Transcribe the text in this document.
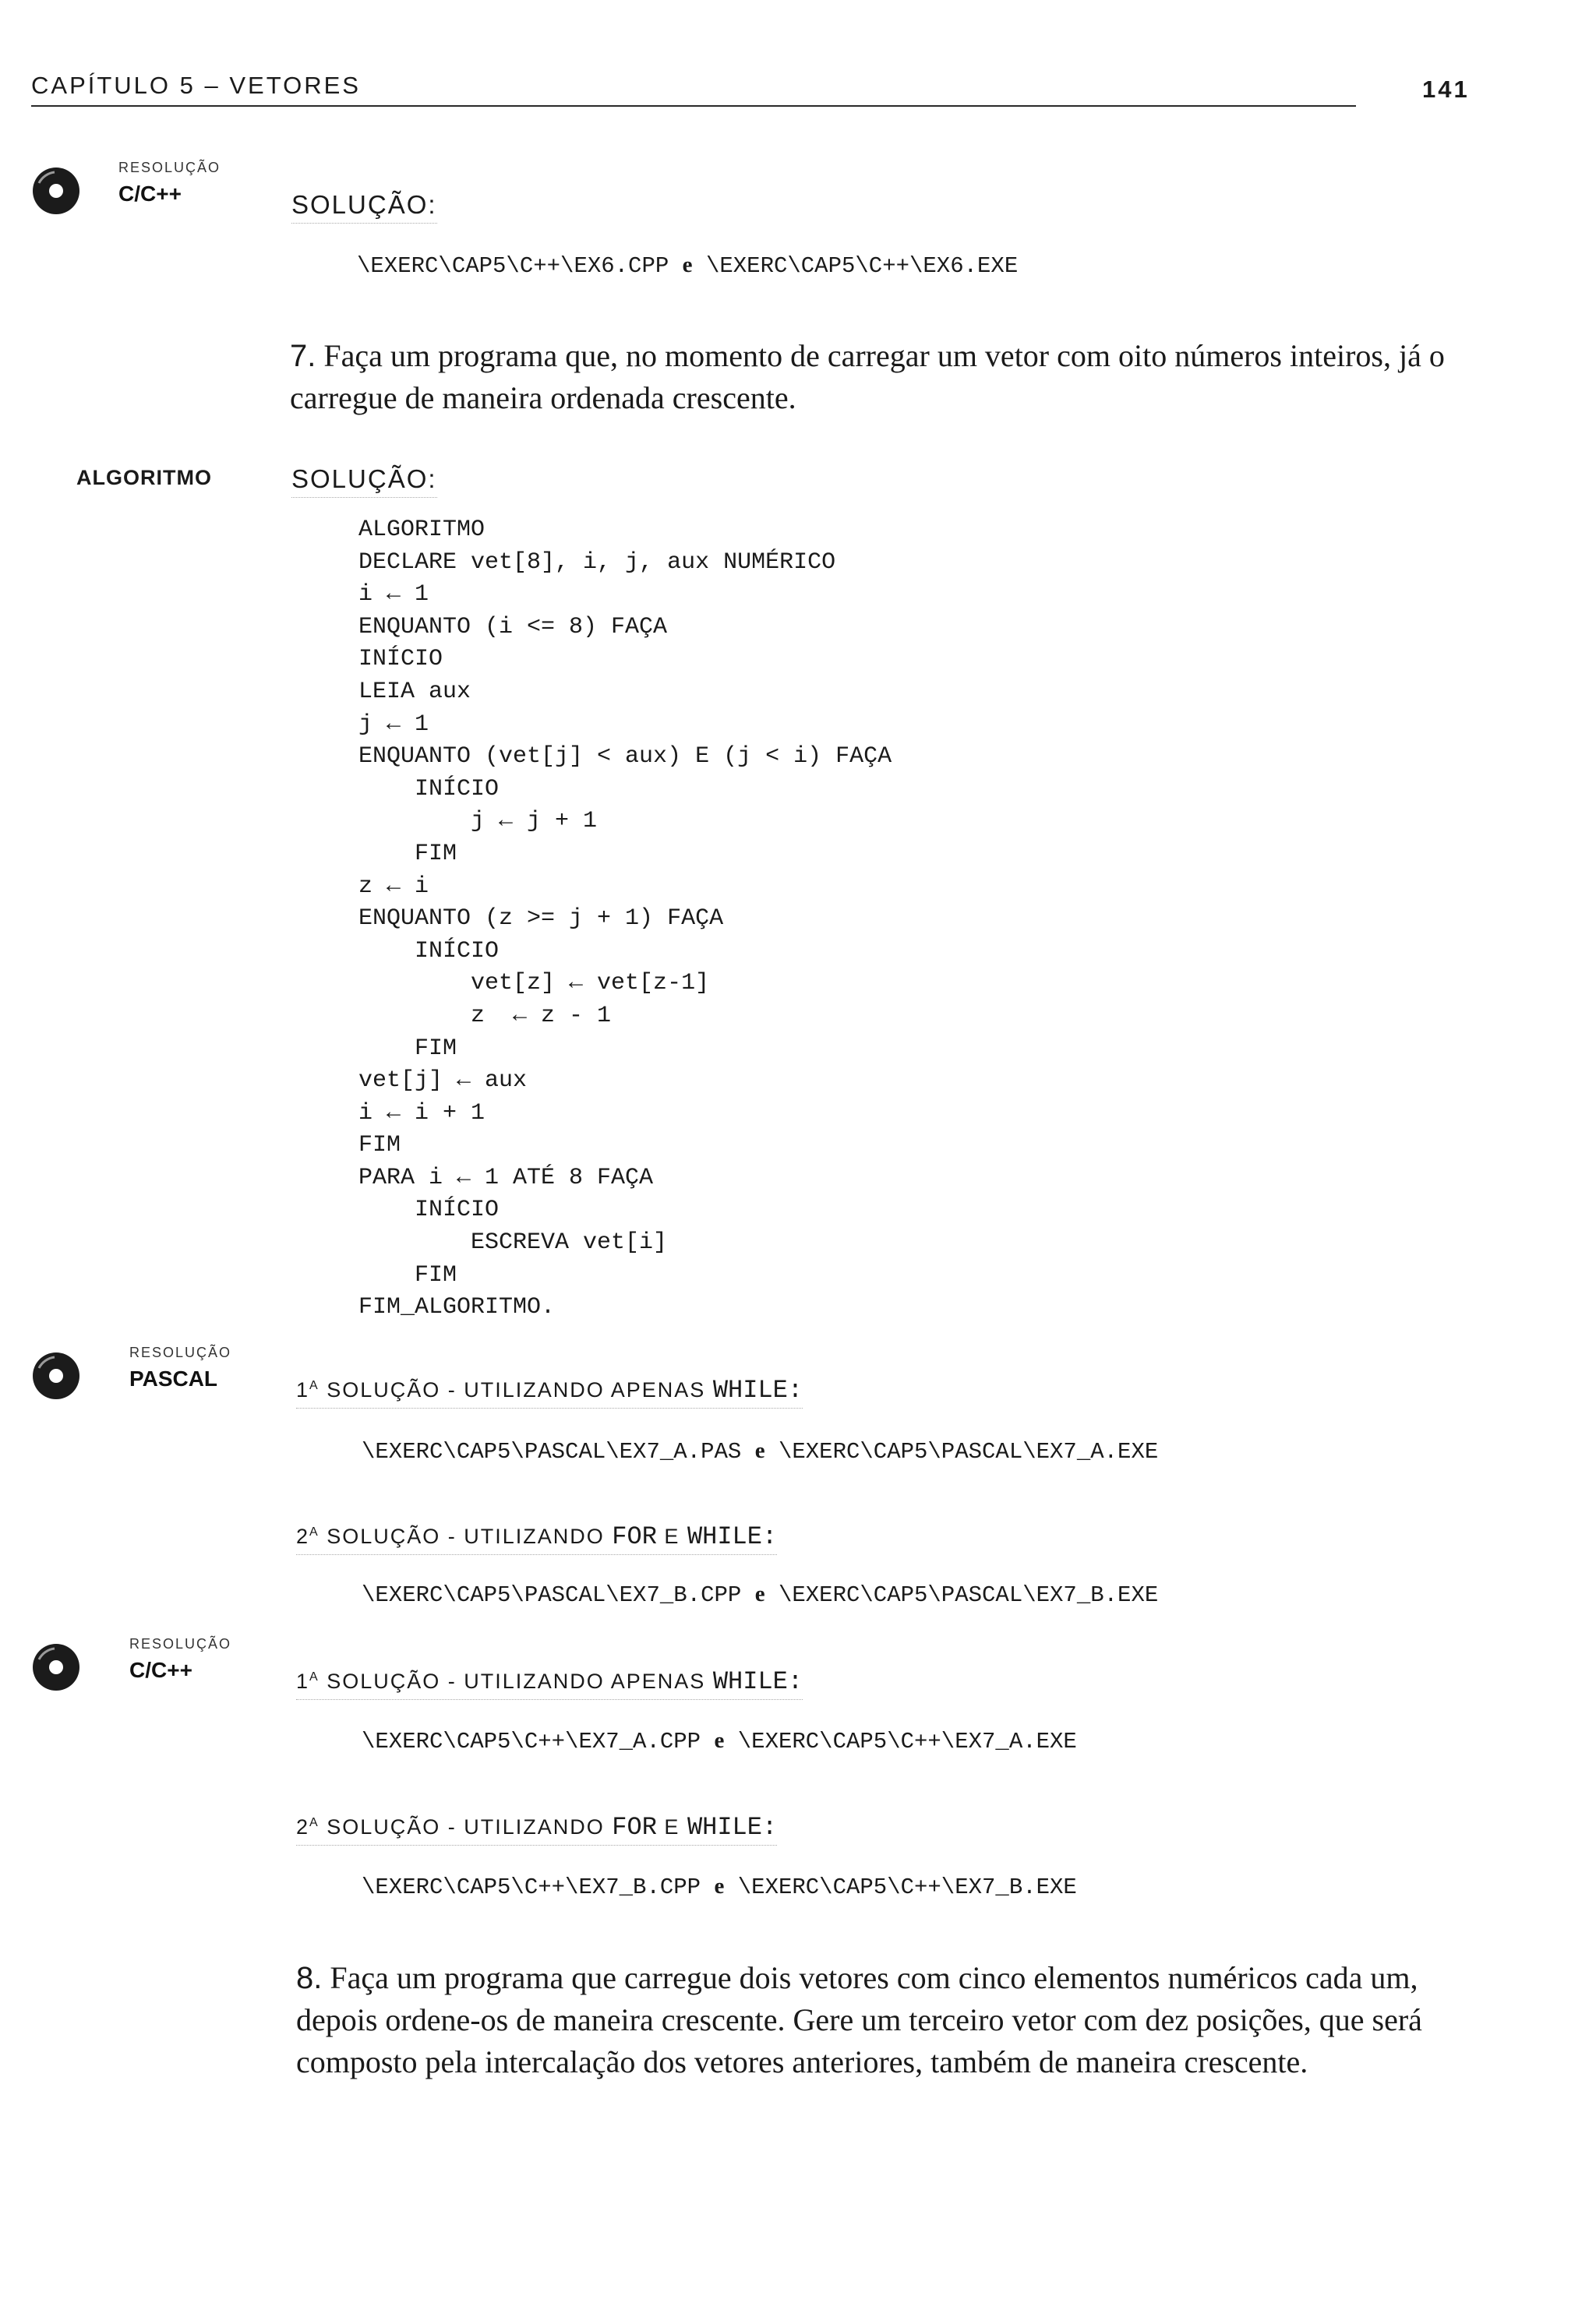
CAPÍTULO 5 – VETORES	141
RESOLUÇÃO
C/C++	SOLUÇÃO:
\EXERC\CAP5\C++\EX6.CPP e \EXERC\CAP5\C++\EX6.EXE
7. Faça um programa que, no momento de carregar um vetor com oito números inteiros, já o carregue de maneira ordenada crescente.
ALGORITMO	SOLUÇÃO:
ALGORITMO
DECLARE vet[8], i, j, aux NUMÉRICO
i ← 1
ENQUANTO (i <= 8) FAÇA
INÍCIO
LEIA aux
j ← 1
ENQUANTO (vet[j] < aux) E (j < i) FAÇA
INÍCIO
j ← j + 1
FIM
z ← i
ENQUANTO (z >= j + 1) FAÇA
INÍCIO
vet[z] ← vet[z-1]
z  ← z - 1
FIM
vet[j] ← aux
i ← i + 1
FIM
PARA i ← 1 ATÉ 8 FAÇA
INÍCIO
ESCREVA vet[i]
FIM
FIM_ALGORITMO.
RESOLUÇÃO
PASCAL	$1^A$ SOLUÇÃO - UTILIZANDO APENAS WHILE:
\EXERC\CAP5\PASCAL\EX7_A.PAS e \EXERC\CAP5\PASCAL\EX7_A.EXE
$2^A$ SOLUÇÃO - UTILIZANDO FOR E WHILE:
\EXERC\CAP5\PASCAL\EX7_B.CPP e \EXERC\CAP5\PASCAL\EX7_B.EXE
RESOLUÇÃO
C/C++	$1^A$ SOLUÇÃO - UTILIZANDO APENAS WHILE:
\EXERC\CAP5\C++\EX7_A.CPP e \EXERC\CAP5\C++\EX7_A.EXE
$2^A$ SOLUÇÃO - UTILIZANDO FOR E WHILE:
\EXERC\CAP5\C++\EX7_B.CPP e \EXERC\CAP5\C++\EX7_B.EXE
8. Faça um programa que carregue dois vetores com cinco elementos numéricos cada um, depois ordene-os de maneira crescente. Gere um terceiro vetor com dez posições, que será composto pela intercalação dos vetores anteriores, também de maneira crescente.
